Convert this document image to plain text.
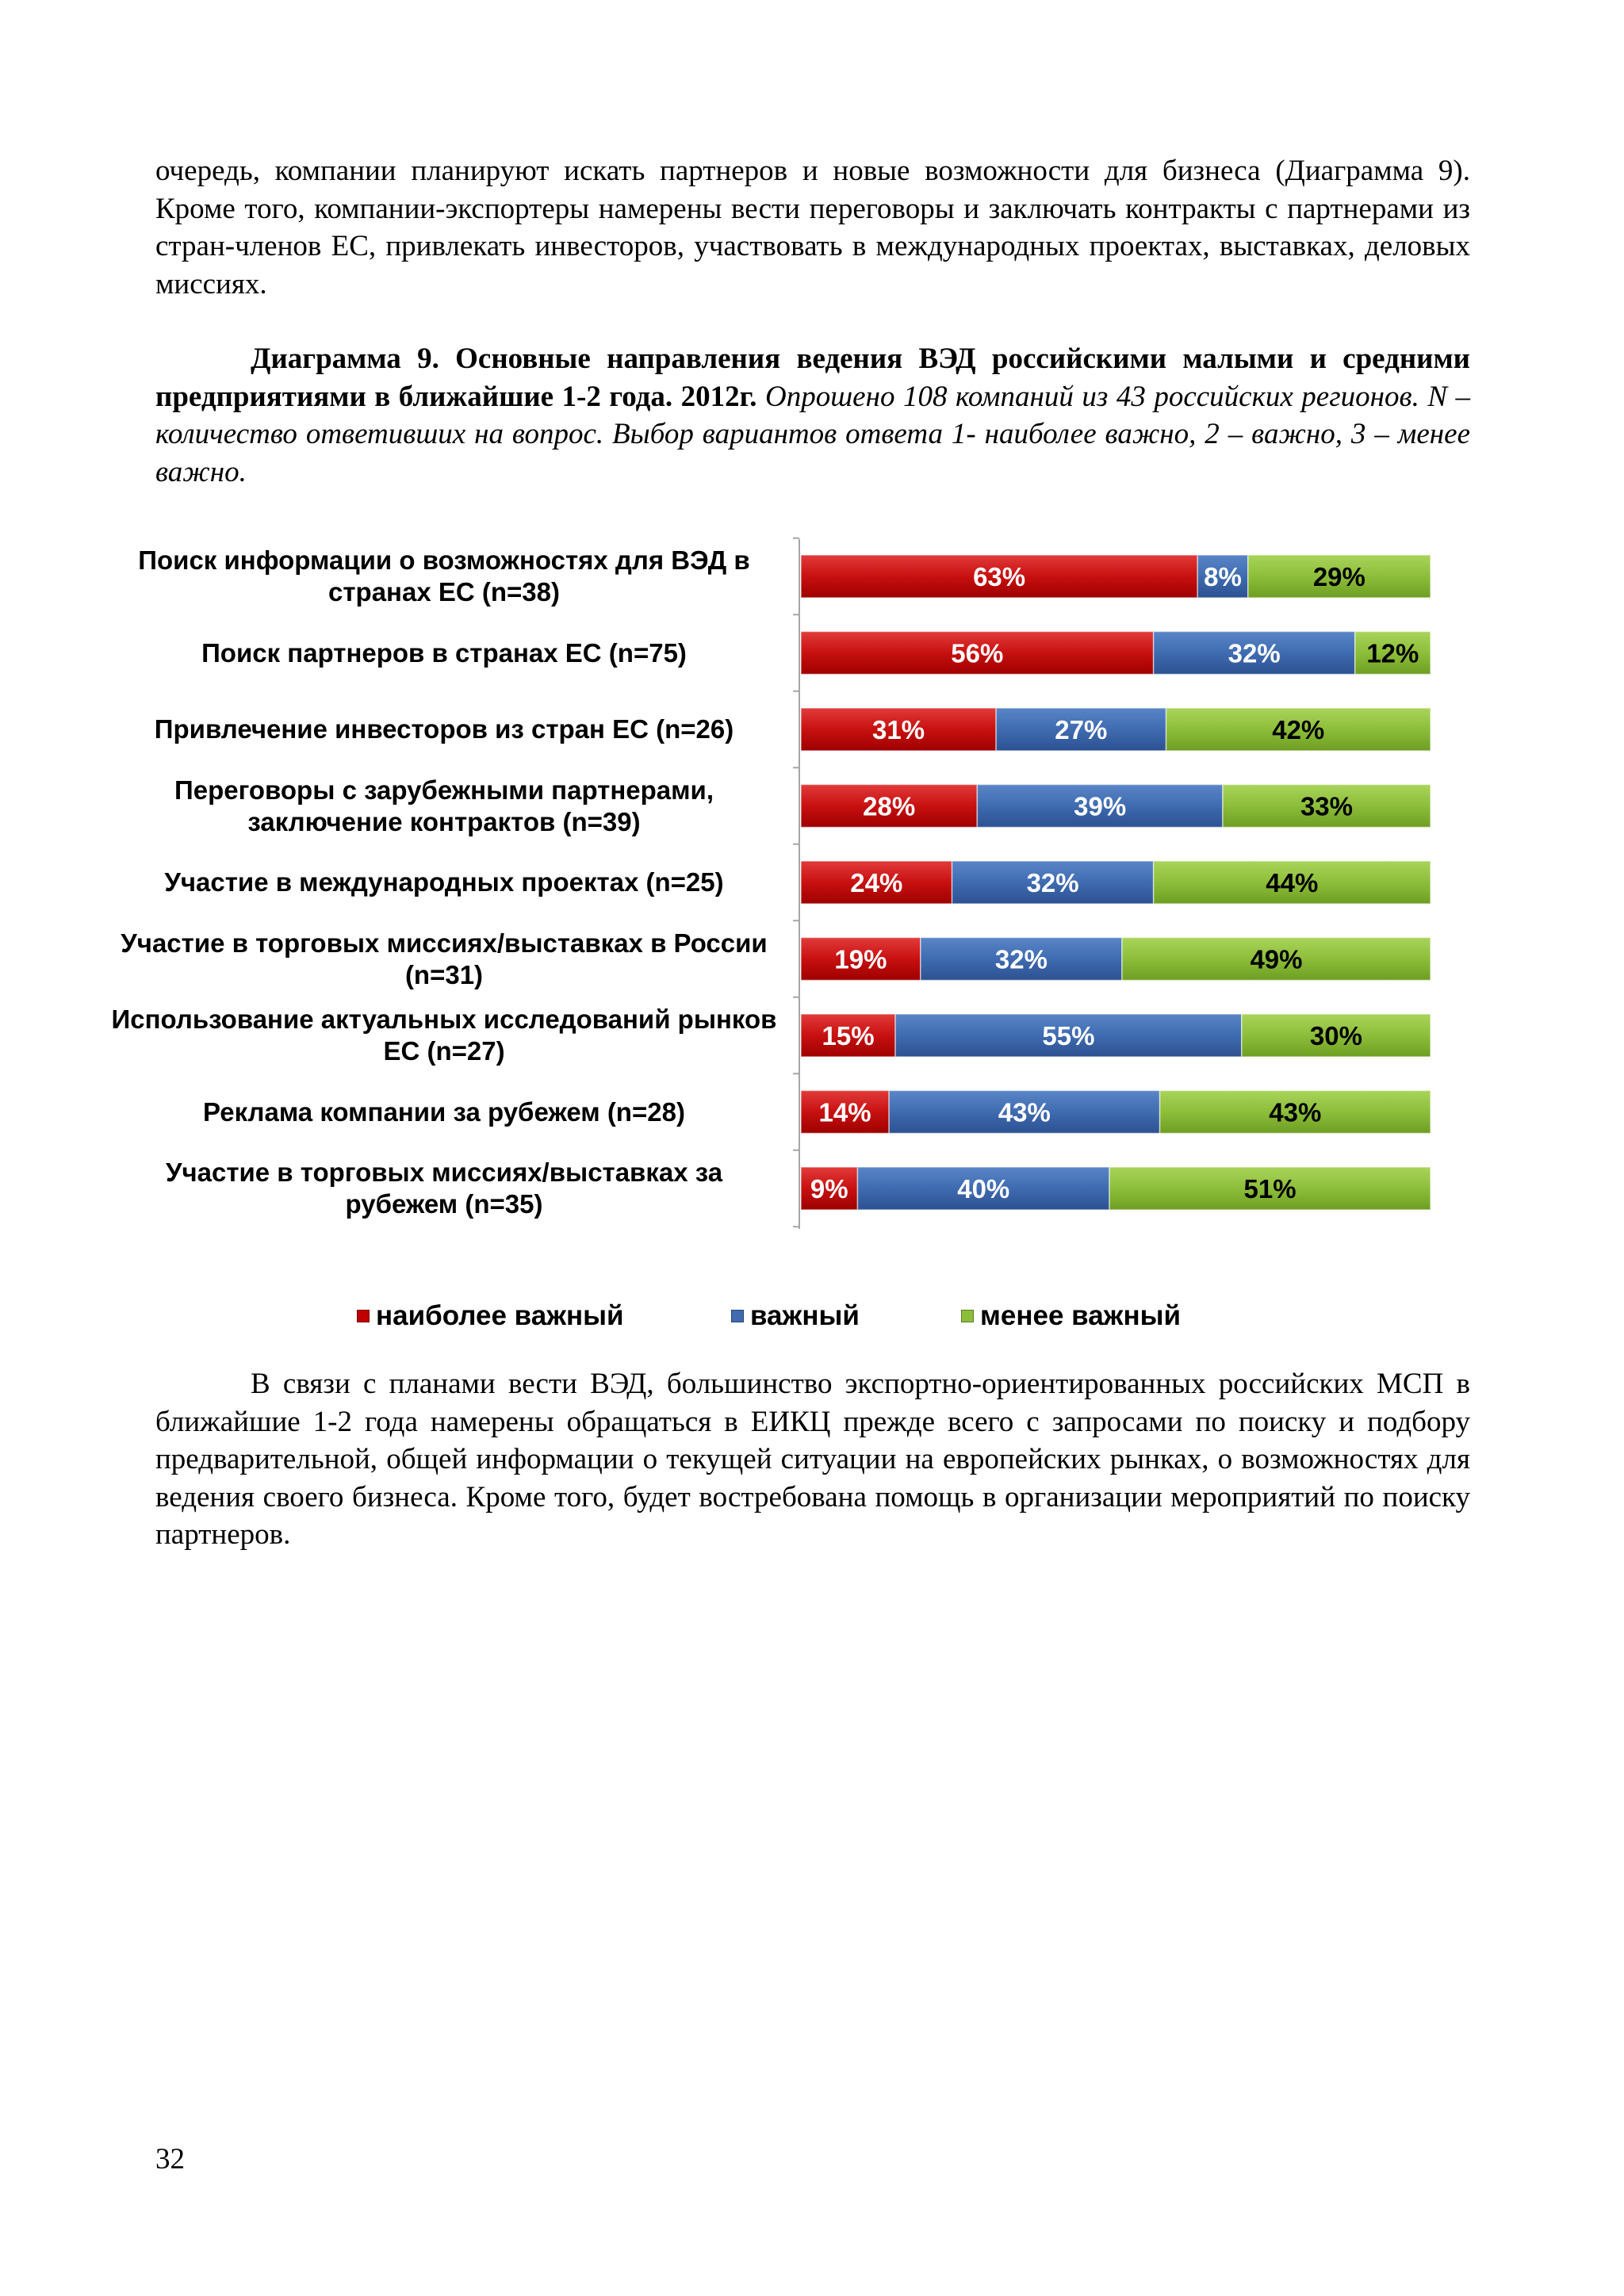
очередь, компании планируют искать партнеров и новые возможности для бизнеса (Диаграмма 9). Кроме того, компании-экспортеры намерены вести переговоры и заключать контракты с партнерами из стран-членов ЕС, привлекать инвесторов, участвовать в международных проектах, выставках, деловых миссиях.
Диаграмма 9. Основные направления ведения ВЭД российскими малыми и средними предприятиями в ближайшие 1-2 года. 2012г. Опрошено 108 компаний из 43 российских регионов. N – количество ответивших на вопрос. Выбор вариантов ответа 1- наиболее важно, 2 – важно, 3 – менее важно.
63%	8%	29%
56%	32%	12%
31%	27%	42%
28%	39%	33%
24%	32%	44%
19%	32%	49%
15%	55%	30%
14%	43%	43%
9%	40%	51%
Поиск информации о возможностях для ВЭД в странах ЕС (n=38)
Поиск партнеров в странах ЕС (n=75)
Привлечение инвесторов из стран ЕС (n=26)
Переговоры с зарубежными партнерами, заключение контрактов (n=39)
Участие в международных проектах (n=25)
Участие в торговых миссиях/выставках в России (n=31)
Использование актуальных исследований рынков ЕС (n=27)
Реклама компании за рубежем (n=28)
Участие в торговых миссиях/выставках за рубежем (n=35)
наиболее важный	важный	менее важный
В связи с планами вести ВЭД, большинство экспортно-ориентированных российских МСП в ближайшие 1-2 года намерены обращаться в ЕИКЦ прежде всего с запросами по поиску и подбору предварительной, общей информации о текущей ситуации на европейских рынках, о возможностях для ведения своего бизнеса. Кроме того, будет востребована помощь в организации мероприятий по поиску партнеров.
32
